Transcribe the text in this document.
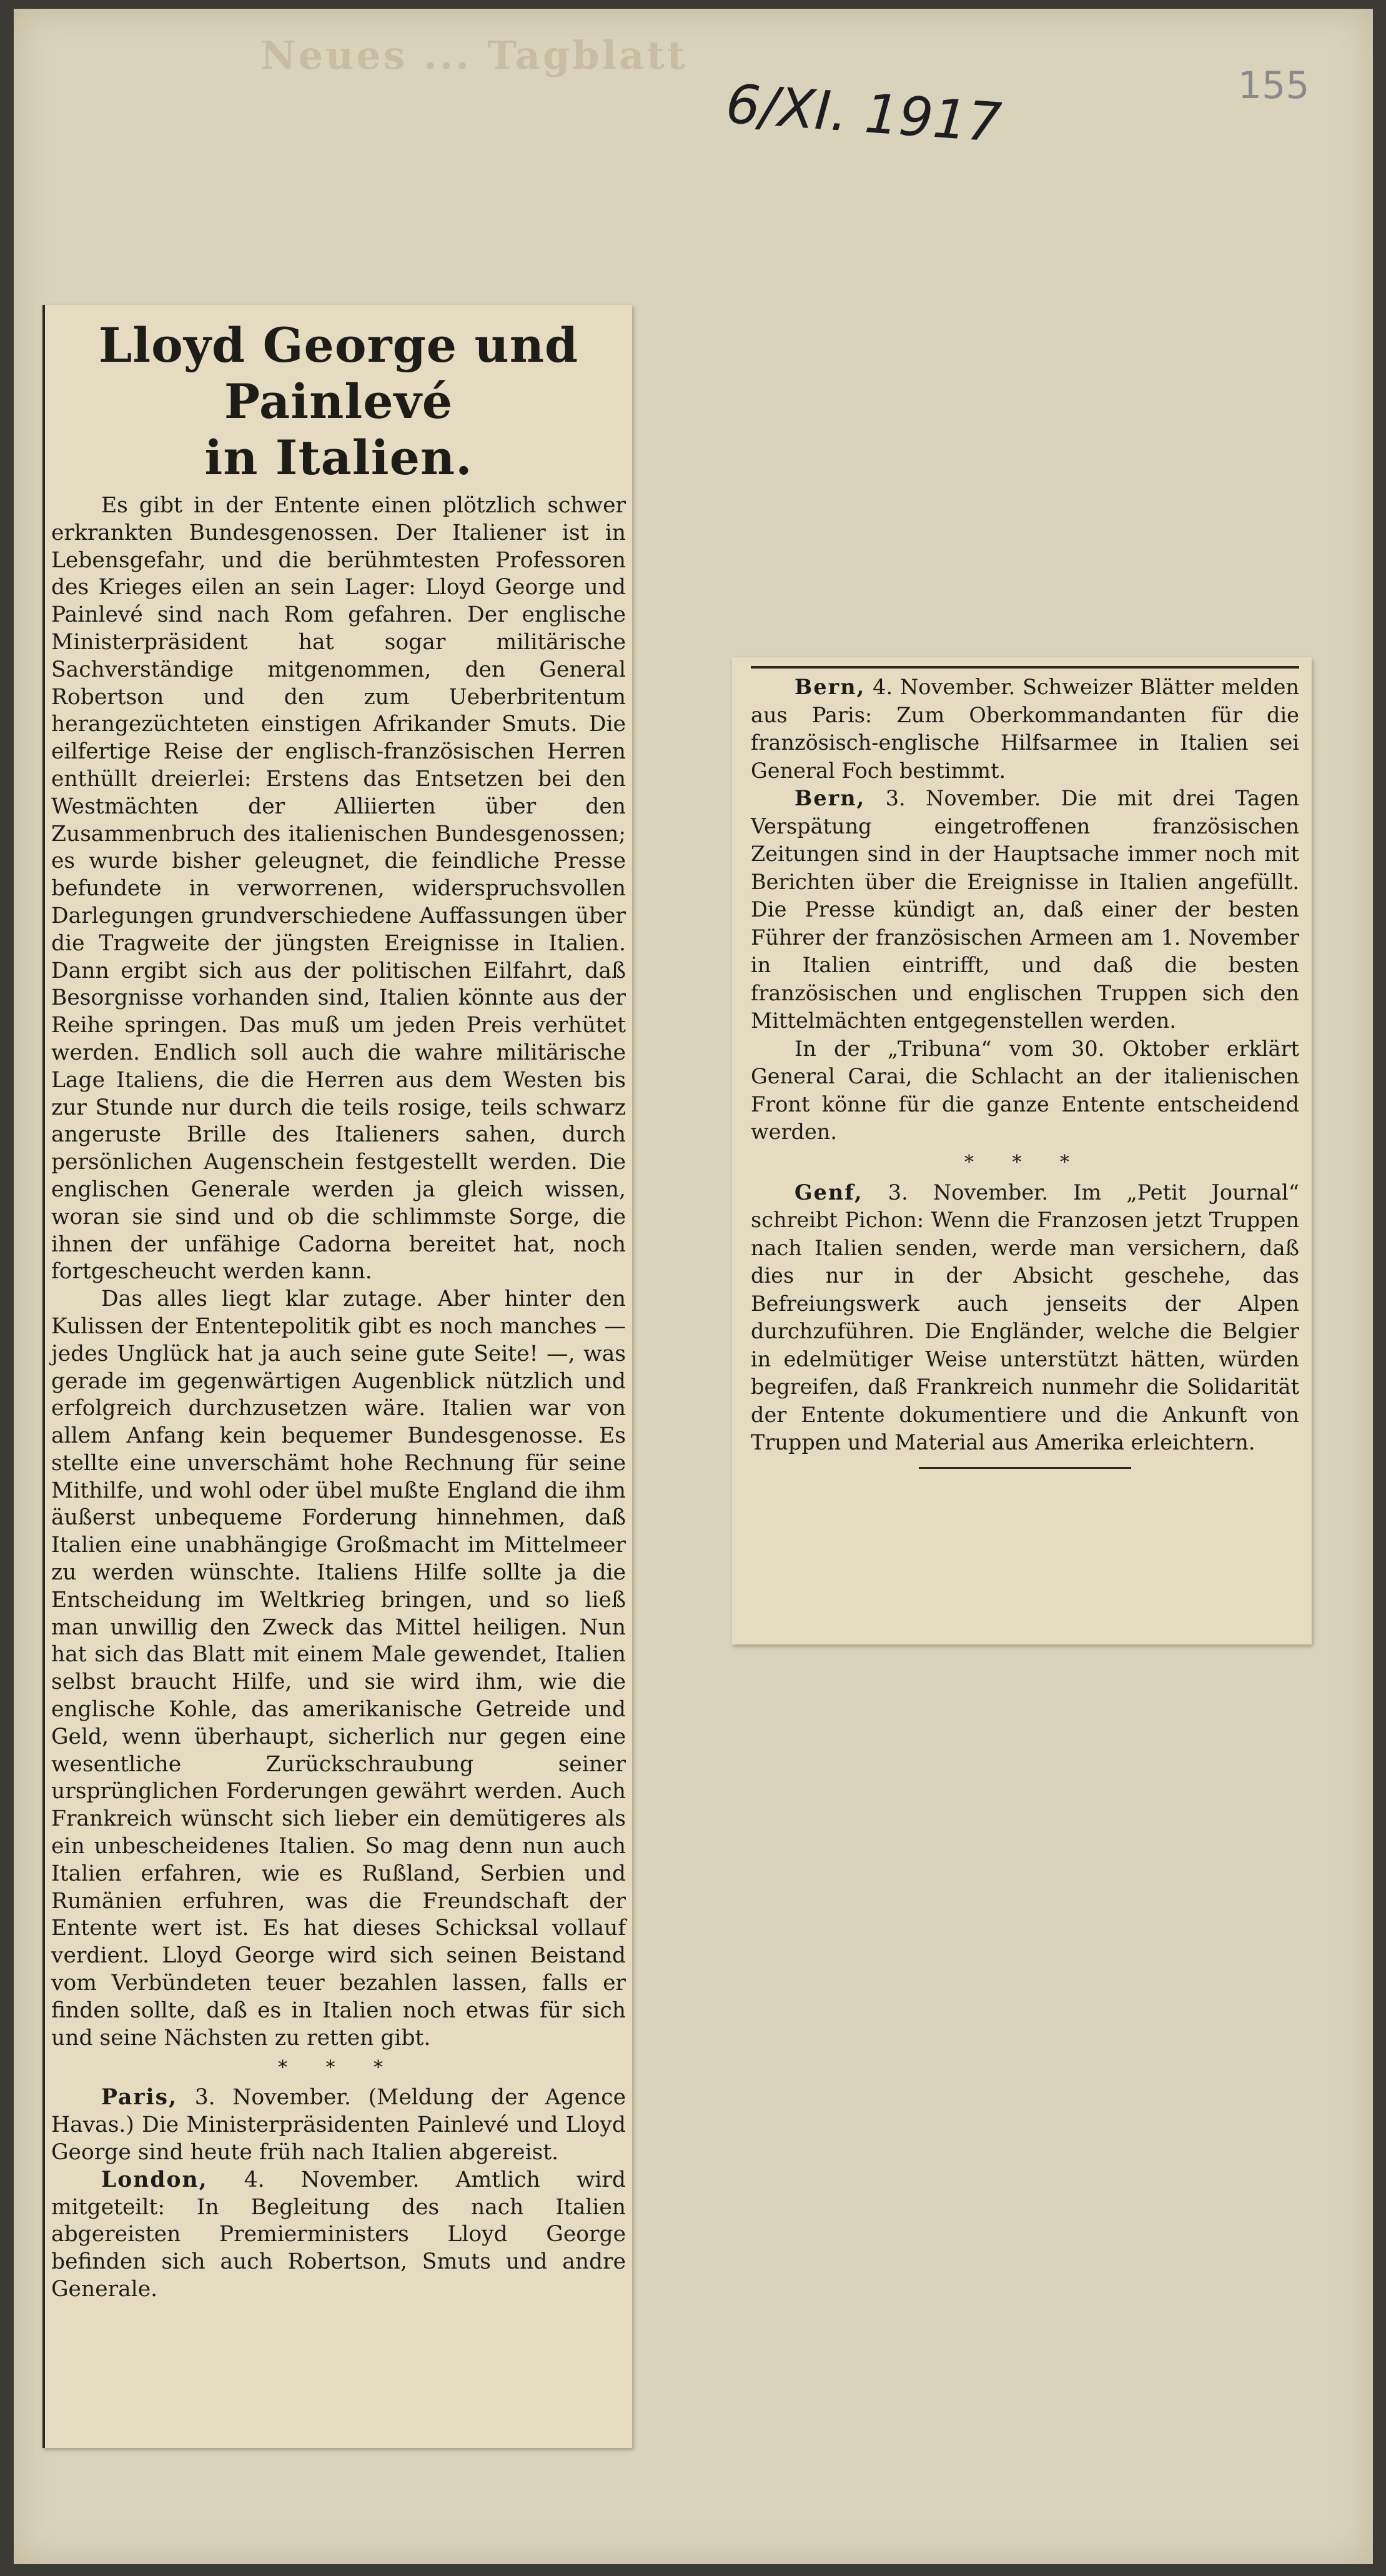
Neues ... Tagblatt
6/XI. 1917	155
Lloyd George und Painlevé
in Italien.

Es gibt in der Entente einen plötzlich schwer erkrankten Bundesgenossen. Der Italiener ist in Lebensgefahr, und die berühmtesten Professoren des Krieges eilen an sein Lager: Lloyd George und Painlevé sind nach Rom gefahren. Der englische Ministerpräsident hat sogar militärische Sachverständige mitgenommen, den General Robertson und den zum Ueberbritentum herangezüchteten einstigen Afrikander Smuts. Die eilfertige Reise der englisch-französischen Herren enthüllt dreierlei: Erstens das Entsetzen bei den Westmächten der Alliierten über den Zusammenbruch des italienischen Bundesgenossen; es wurde bisher geleugnet, die feindliche Presse befundete in verworrenen, widerspruchsvollen Darlegungen grundverschiedene Auffassungen über die Tragweite der jüngsten Ereignisse in Italien. Dann ergibt sich aus der politischen Eilfahrt, daß Besorgnisse vorhanden sind, Italien könnte aus der Reihe springen. Das muß um jeden Preis verhütet werden. Endlich soll auch die wahre militärische Lage Italiens, die die Herren aus dem Westen bis zur Stunde nur durch die teils rosige, teils schwarz angeruste Brille des Italieners sahen, durch persönlichen Augenschein festgestellt werden. Die englischen Generale werden ja gleich wissen, woran sie sind und ob die schlimmste Sorge, die ihnen der unfähige Cadorna bereitet hat, noch fortgescheucht werden kann.

Das alles liegt klar zutage. Aber hinter den Kulissen der Ententepolitik gibt es noch manches — jedes Unglück hat ja auch seine gute Seite! —, was gerade im gegenwärtigen Augenblick nützlich und erfolgreich durchzusetzen wäre. Italien war von allem Anfang kein bequemer Bundesgenosse. Es stellte eine unverschämt hohe Rechnung für seine Mithilfe, und wohl oder übel mußte England die ihm äußerst unbequeme Forderung hinnehmen, daß Italien eine unabhängige Großmacht im Mittelmeer zu werden wünschte. Italiens Hilfe sollte ja die Entscheidung im Weltkrieg bringen, und so ließ man unwillig den Zweck das Mittel heiligen. Nun hat sich das Blatt mit einem Male gewendet, Italien selbst braucht Hilfe, und sie wird ihm, wie die englische Kohle, das amerikanische Getreide und Geld, wenn überhaupt, sicherlich nur gegen eine wesentliche Zurückschraubung seiner ursprünglichen Forderungen gewährt werden. Auch Frankreich wünscht sich lieber ein demütigeres als ein unbescheidenes Italien. So mag denn nun auch Italien erfahren, wie es Rußland, Serbien und Rumänien erfuhren, was die Freundschaft der Entente wert ist. Es hat dieses Schicksal vollauf verdient. Lloyd George wird sich seinen Beistand vom Verbündeten teuer bezahlen lassen, falls er finden sollte, daß es in Italien noch etwas für sich und seine Nächsten zu retten gibt.

* * *

Paris, 3. November. (Meldung der Agence Havas.) Die Ministerpräsidenten Painlevé und Lloyd George sind heute früh nach Italien abgereist.

London, 4. November. Amtlich wird mitgeteilt: In Begleitung des nach Italien abgereisten Premierministers Lloyd George befinden sich auch Robertson, Smuts und andre Generale.

Bern, 4. November. Schweizer Blätter melden aus Paris: Zum Oberkommandanten für die französisch-englische Hilfsarmee in Italien sei General Foch bestimmt.

Bern, 3. November. Die mit drei Tagen Verspätung eingetroffenen französischen Zeitungen sind in der Hauptsache immer noch mit Berichten über die Ereignisse in Italien angefüllt. Die Presse kündigt an, daß einer der besten Führer der französischen Armeen am 1. November in Italien eintrifft, und daß die besten französischen und englischen Truppen sich den Mittelmächten entgegenstellen werden.

In der „Tribuna“ vom 30. Oktober erklärt General Carai, die Schlacht an der italienischen Front könne für die ganze Entente entscheidend werden.

* * *

Genf, 3. November. Im „Petit Journal“ schreibt Pichon: Wenn die Franzosen jetzt Truppen nach Italien senden, werde man versichern, daß dies nur in der Absicht geschehe, das Befreiungswerk auch jenseits der Alpen durchzuführen. Die Engländer, welche die Belgier in edelmütiger Weise unterstützt hätten, würden begreifen, daß Frankreich nunmehr die Solidarität der Entente dokumentiere und die Ankunft von Truppen und Material aus Amerika erleichtern.
